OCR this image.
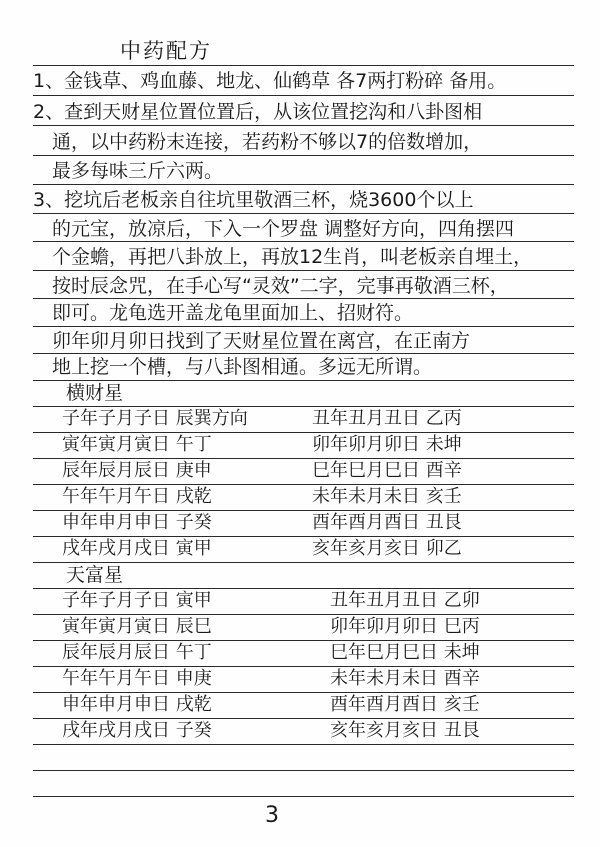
中药配方
1、金钱草、鸡血藤、地龙、仙鹤草 各7两打粉碎 备用。
2、查到天财星位置位置后，从该位置挖沟和八卦图相
通，以中药粉末连接，若药粉不够以7的倍数增加，
最多每味三斤六两。
3、挖坑后老板亲自往坑里敬酒三杯，烧3600个以上
的元宝，放凉后，下入一个罗盘 调整好方向，四角摆四
个金蟾，再把八卦放上，再放12生肖，叫老板亲自埋土，
按时辰念咒，在手心写“灵效”二字，完事再敬酒三杯，
即可。龙龟选开盖龙龟里面加上、招财符。
卯年卯月卯日找到了天财星位置在离宫，在正南方
地上挖一个槽，与八卦图相通。多远无所谓。
横财星
子年子月子日 辰巽方向	丑年丑月丑日 乙丙
寅年寅月寅日 午丁	卯年卯月卯日 未坤
辰年辰月辰日 庚申	巳年巳月巳日 酉辛
午年午月午日 戌乾	未年未月未日 亥壬
申年申月申日 子癸	酉年酉月酉日 丑艮
戌年戌月戌日 寅甲	亥年亥月亥日 卯乙
天富星
子年子月子日 寅甲	丑年丑月丑日 乙卯
寅年寅月寅日 辰巳	卯年卯月卯日 巳丙
辰年辰月辰日 午丁	巳年巳月巳日 未坤
午年午月午日 申庚	未年未月未日 酉辛
申年申月申日 戌乾	酉年酉月酉日 亥壬
戌年戌月戌日 子癸	亥年亥月亥日 丑艮
3
